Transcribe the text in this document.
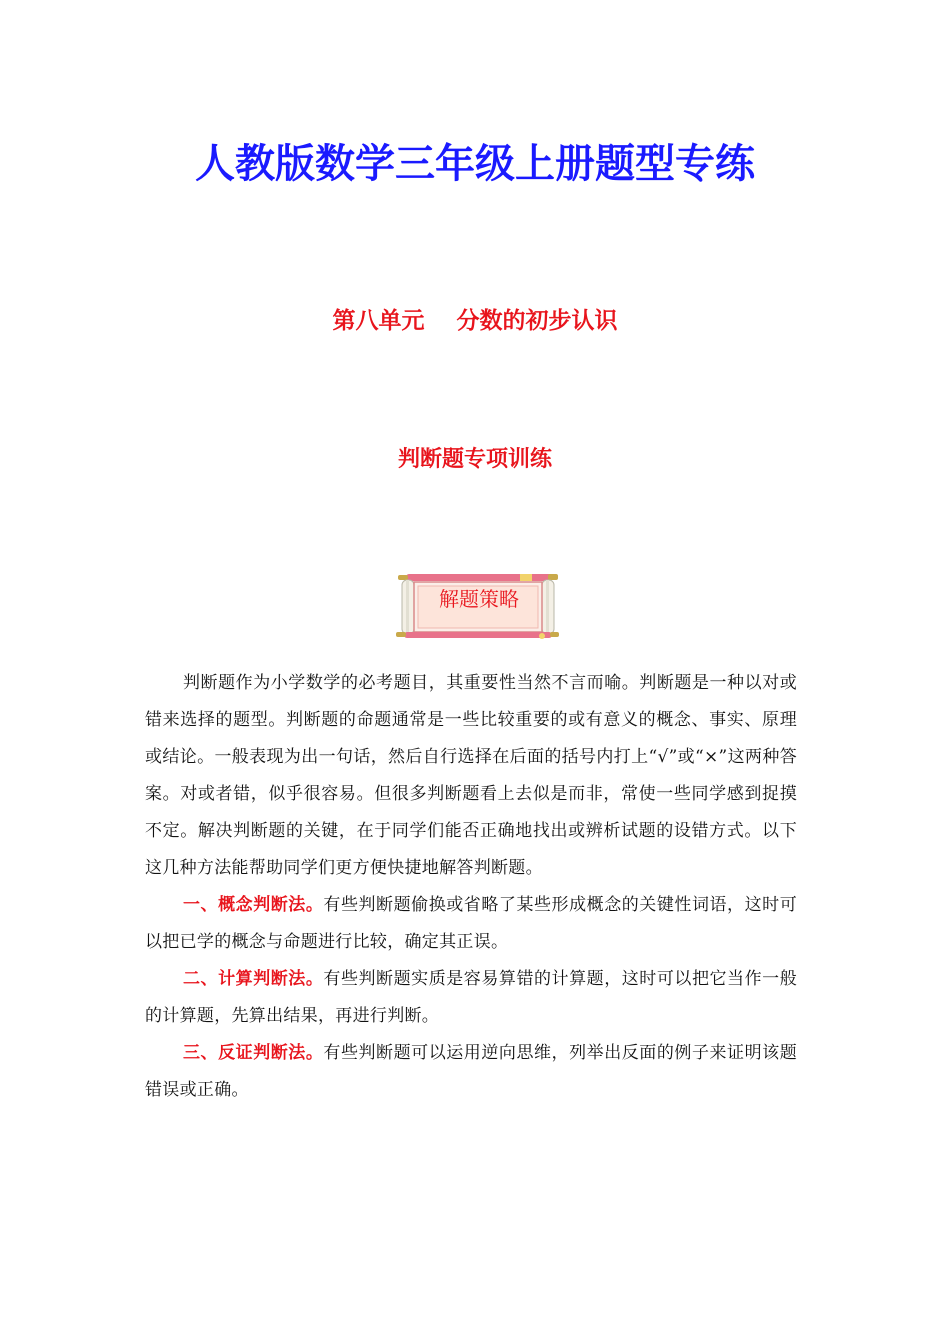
人教版数学三年级上册题型专练
第八单元    分数的初步认识
判断题专项训练
解题策略

判断题作为小学数学的必考题目，其重要性当然不言而喻。判断题是一种以对或错来选择的题型。判断题的命题通常是一些比较重要的或有意义的概念、事实、原理或结论。一般表现为出一句话，然后自行选择在后面的括号内打上“√”或“×”这两种答案。对或者错，似乎很容易。但很多判断题看上去似是而非，常使一些同学感到捉摸不定。解决判断题的关键，在于同学们能否正确地找出或辨析试题的设错方式。以下这几种方法能帮助同学们更方便快捷地解答判断题。

一、概念判断法。有些判断题偷换或省略了某些形成概念的关键性词语，这时可以把已学的概念与命题进行比较，确定其正误。

二、计算判断法。有些判断题实质是容易算错的计算题，这时可以把它当作一般的计算题，先算出结果，再进行判断。

三、反证判断法。有些判断题可以运用逆向思维，列举出反面的例子来证明该题错误或正确。
